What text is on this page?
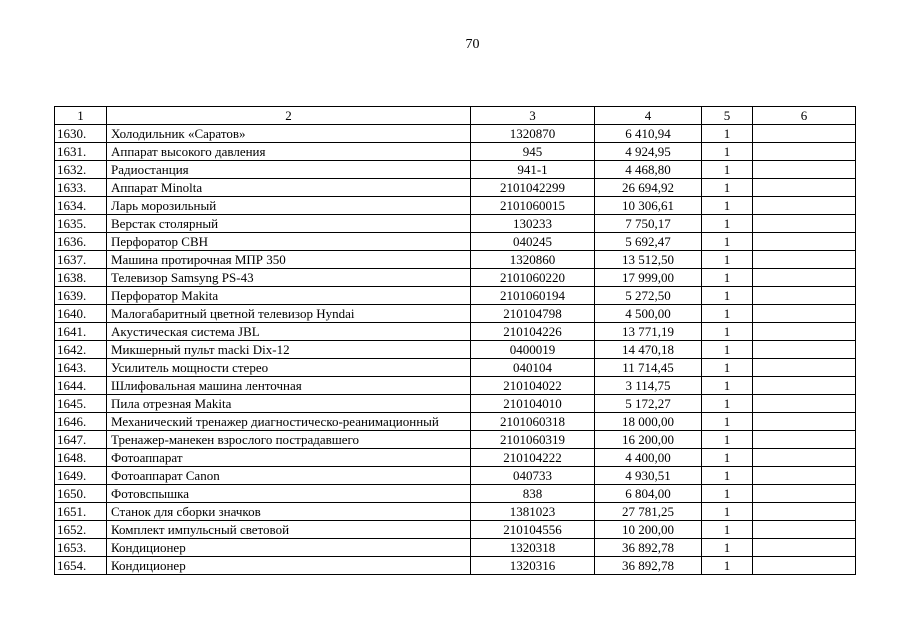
70
1	2	3	4	5	6
1630.	Холодильник «Саратов»	1320870	6 410,94	1	
1631.	Аппарат высокого давления	945	4 924,95	1	
1632.	Радиостанция	941-1	4 468,80	1	
1633.	Аппарат Minolta	2101042299	26 694,92	1	
1634.	Ларь морозильный	2101060015	10 306,61	1	
1635.	Верстак столярный	130233	7 750,17	1	
1636.	Перфоратор СВН	040245	5 692,47	1	
1637.	Машина протирочная МПР 350	1320860	13 512,50	1	
1638.	Телевизор Samsyng PS-43	2101060220	17 999,00	1	
1639.	Перфоратор Makita	2101060194	5 272,50	1	
1640.	Малогабаритный цветной телевизор Hyndai	210104798	4 500,00	1	
1641.	Акустическая система JBL	210104226	13 771,19	1	
1642.	Микшерный пульт macki Dix-12	0400019	14 470,18	1	
1643.	Усилитель мощности стерео	040104	11 714,45	1	
1644.	Шлифовальная машина ленточная	210104022	3 114,75	1	
1645.	Пила отрезная Makita	210104010	5 172,27	1	
1646.	Механический тренажер диагностическо-реанимационный	2101060318	18 000,00	1	
1647.	Тренажер-манекен взрослого пострадавшего	2101060319	16 200,00	1	
1648.	Фотоаппарат	210104222	4 400,00	1	
1649.	Фотоаппарат Canon	040733	4 930,51	1	
1650.	Фотовспышка	838	6 804,00	1	
1651.	Станок для сборки значков	1381023	27 781,25	1	
1652.	Комплект импульсный световой	210104556	10 200,00	1	
1653.	Кондиционер	1320318	36 892,78	1	
1654.	Кондиционер	1320316	36 892,78	1	
